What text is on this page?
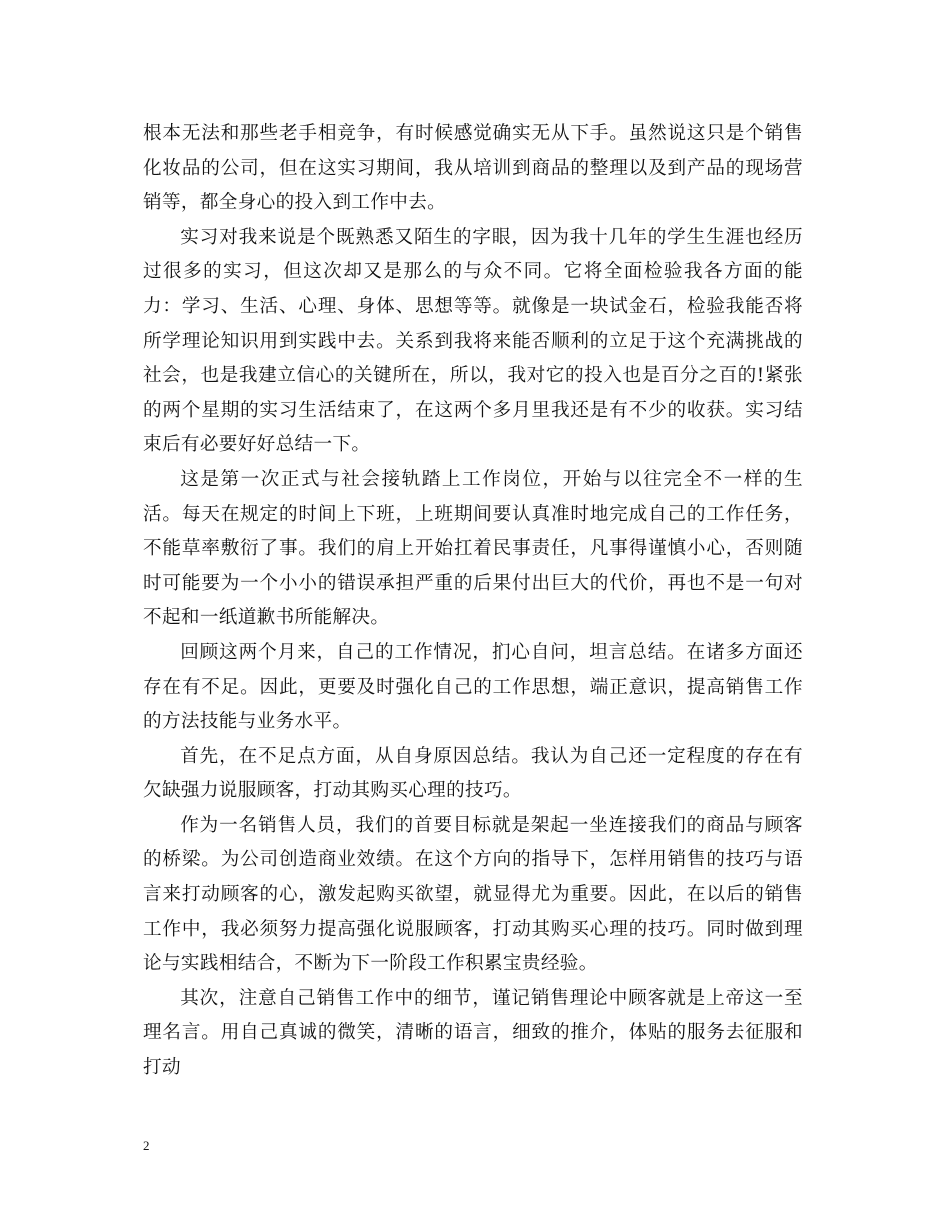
根本无法和那些老手相竞争，有时候感觉确实无从下手。虽然说这只是个销售化妆品的公司，但在这实习期间，我从培训到商品的整理以及到产品的现场营销等，都全身心的投入到工作中去。

实习对我来说是个既熟悉又陌生的字眼，因为我十几年的学生生涯也经历过很多的实习，但这次却又是那么的与众不同。它将全面检验我各方面的能力：学习、生活、心理、身体、思想等等。就像是一块试金石，检验我能否将所学理论知识用到实践中去。关系到我将来能否顺利的立足于这个充满挑战的社会，也是我建立信心的关键所在，所以，我对它的投入也是百分之百的!紧张的两个星期的实习生活结束了，在这两个多月里我还是有不少的收获。实习结束后有必要好好总结一下。

这是第一次正式与社会接轨踏上工作岗位，开始与以往完全不一样的生活。每天在规定的时间上下班，上班期间要认真准时地完成自己的工作任务，不能草率敷衍了事。我们的肩上开始扛着民事责任，凡事得谨慎小心，否则随时可能要为一个小小的错误承担严重的后果付出巨大的代价，再也不是一句对不起和一纸道歉书所能解决。

回顾这两个月来，自己的工作情况，扪心自问，坦言总结。在诸多方面还存在有不足。因此，更要及时强化自己的工作思想，端正意识，提高销售工作的方法技能与业务水平。

首先，在不足点方面，从自身原因总结。我认为自己还一定程度的存在有欠缺强力说服顾客，打动其购买心理的技巧。

作为一名销售人员，我们的首要目标就是架起一坐连接我们的商品与顾客的桥梁。为公司创造商业效绩。在这个方向的指导下，怎样用销售的技巧与语言来打动顾客的心，激发起购买欲望，就显得尤为重要。因此，在以后的销售工作中，我必须努力提高强化说服顾客，打动其购买心理的技巧。同时做到理论与实践相结合，不断为下一阶段工作积累宝贵经验。

其次，注意自己销售工作中的细节，谨记销售理论中顾客就是上帝这一至理名言。用自己真诚的微笑，清晰的语言，细致的推介，体贴的服务去征服和打动

2
